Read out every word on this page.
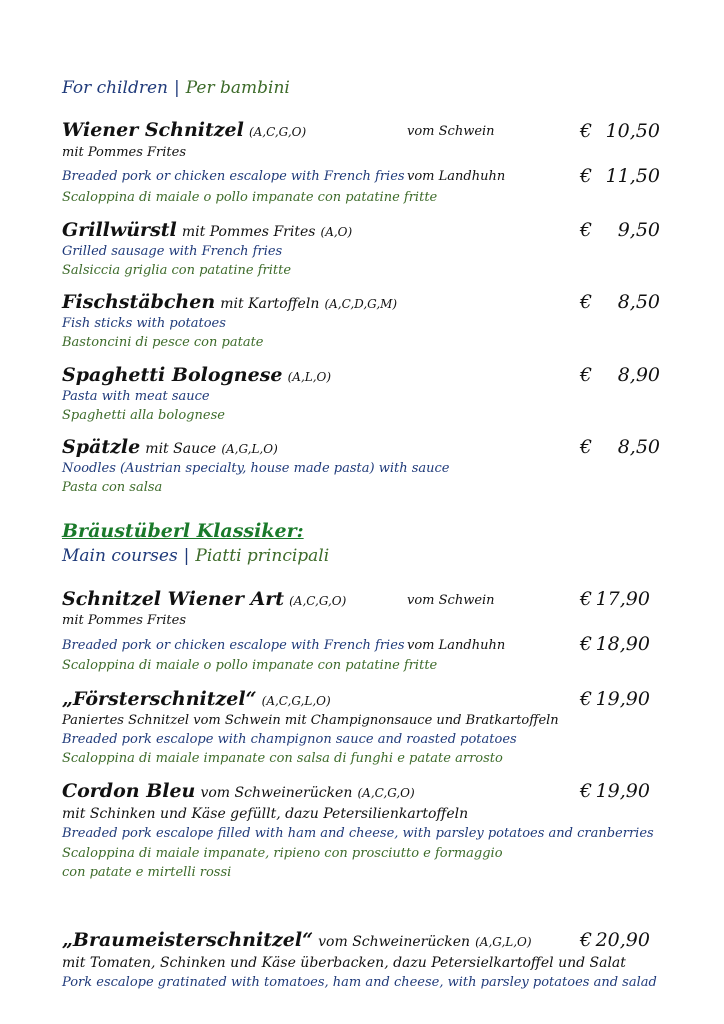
For children | Per bambini
Wiener Schnitzel (A,C,G,O)	vom Schwein	€ 10,50
mit Pommes Frites
Breaded pork or chicken escalope with French fries vom Landhuhn	€ 11,50
Scaloppina di maiale o pollo impanate con patatine fritte
Grillwürstl mit Pommes Frites (A,O)	€	9,50
Grilled sausage with French fries
Salsiccia griglia con patatine fritte
Fischstäbchen mit Kartoffeln (A,C,D,G,M)	€	8,50
Fish sticks with potatoes
Bastoncini di pesce con patate
Spaghetti Bolognese (A,L,O)	€	8,90
Pasta with meat sauce
Spaghetti alla bolognese
Spätzle mit Sauce (A,G,L,O)	€	8,50
Noodles (Austrian specialty, house made pasta) with sauce
Pasta con salsa
Bräustüberl Klassiker:
Main courses | Piatti principali
Schnitzel Wiener Art (A,C,G,O)	vom Schwein	€ 17,90
mit Pommes Frites
Breaded pork or chicken escalope with French fries vom Landhuhn	€ 18,90
Scaloppina di maiale o pollo impanate con patatine fritte
„Försterschnitzel“ (A,C,G,L,O)	€ 19,90
Paniertes Schnitzel vom Schwein mit Champignonsauce und Bratkartoffeln
Breaded pork escalope with champignon sauce and roasted potatoes
Scaloppina di maiale impanate con salsa di funghi e patate arrosto
Cordon Bleu vom Schweinerücken (A,C,G,O)	€ 19,90
mit Schinken und Käse gefüllt, dazu Petersilienkartoffeln
Breaded pork escalope filled with ham and cheese, with parsley potatoes and cranberries
Scaloppina di maiale impanate, ripieno con prosciutto e formaggio
con patate e mirtelli rossi
„Braumeisterschnitzel“ vom Schweinerücken (A,G,L,O)	€ 20,90
mit Tomaten, Schinken und Käse überbacken, dazu Petersielkartoffel und Salat
Pork escalope gratinated with tomatoes, ham and cheese, with parsley potatoes and salad
